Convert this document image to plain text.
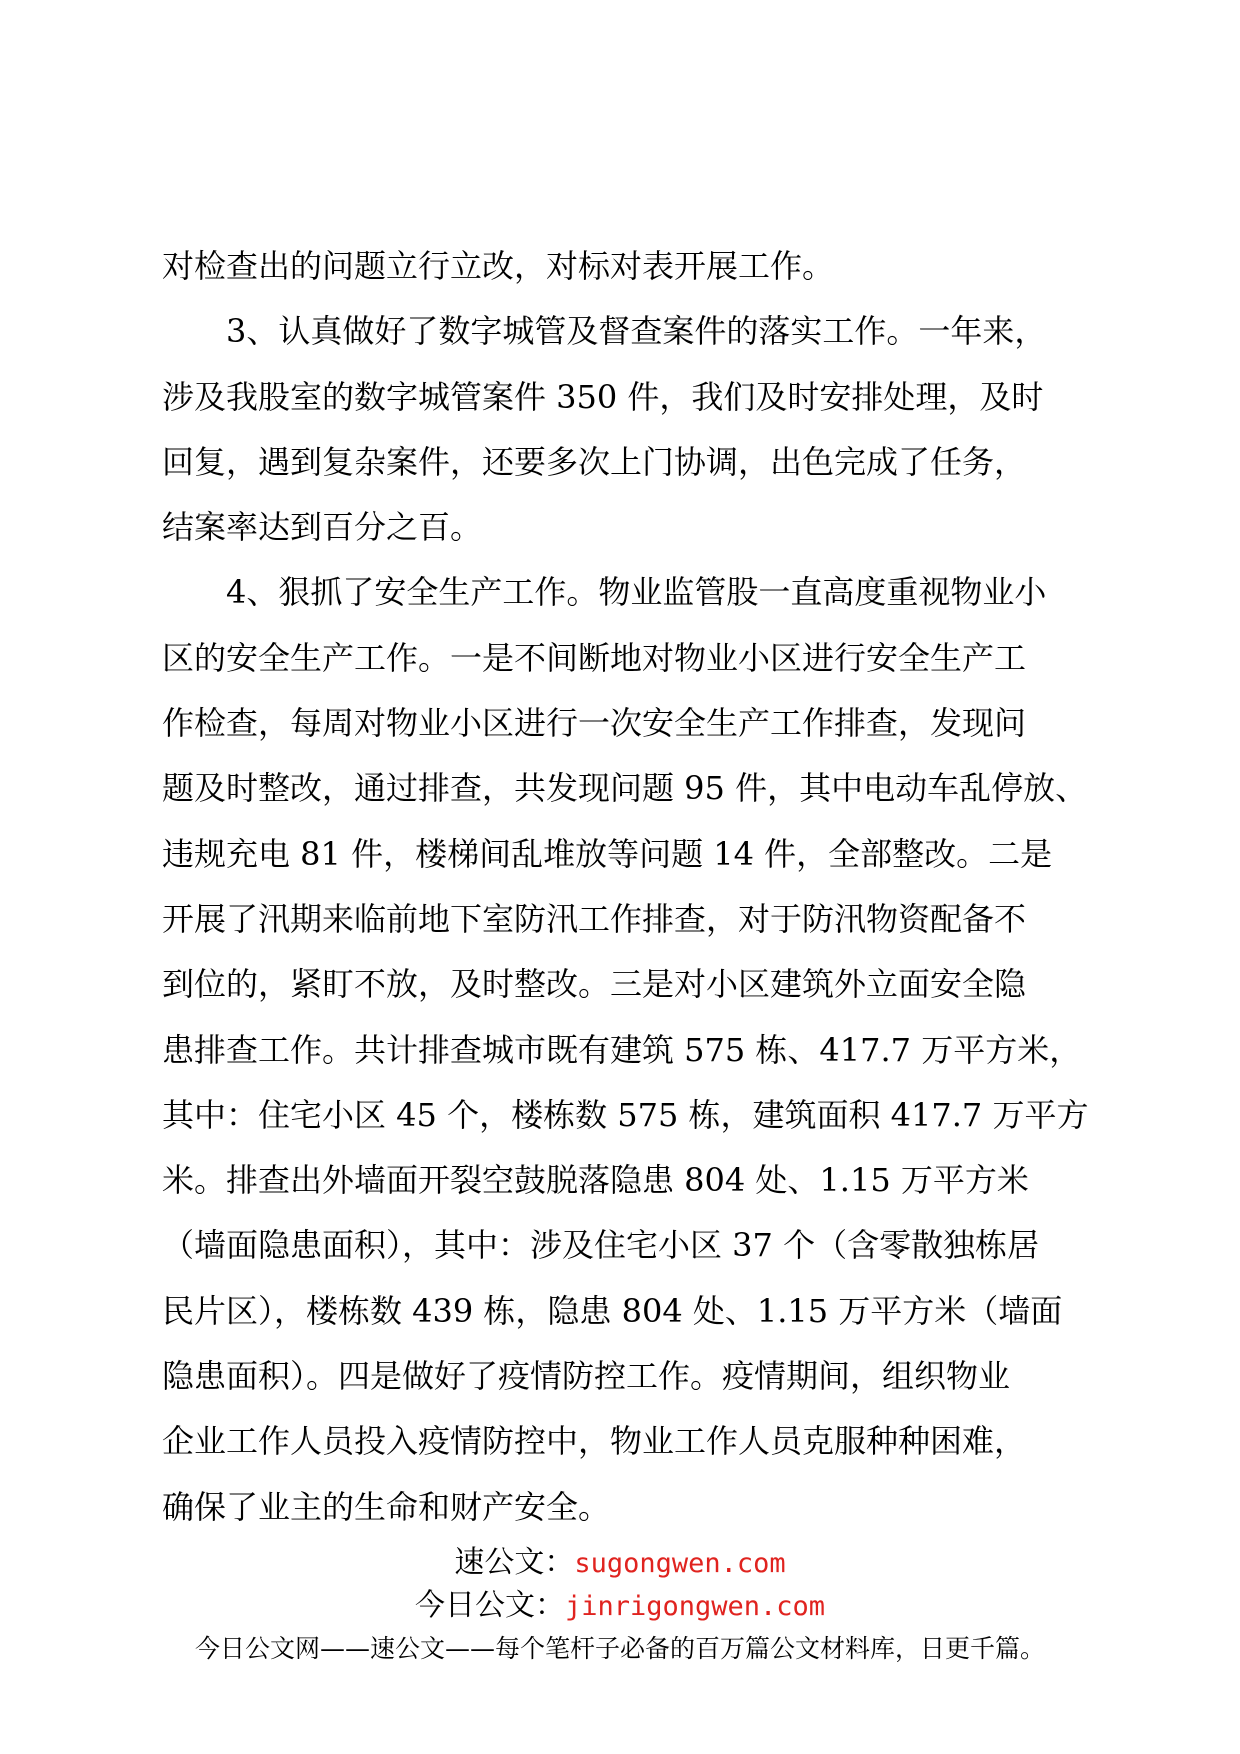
对检查出的问题立行立改，对标对表开展工作。
3、认真做好了数字城管及督查案件的落实工作。一年来，
涉及我股室的数字城管案件 350 件，我们及时安排处理，及时
回复，遇到复杂案件，还要多次上门协调，出色完成了任务，
结案率达到百分之百。
4、狠抓了安全生产工作。物业监管股一直高度重视物业小
区的安全生产工作。一是不间断地对物业小区进行安全生产工
作检查，每周对物业小区进行一次安全生产工作排查，发现问
题及时整改，通过排查，共发现问题 95 件，其中电动车乱停放、
违规充电 81 件，楼梯间乱堆放等问题 14 件，全部整改。二是
开展了汛期来临前地下室防汛工作排查，对于防汛物资配备不
到位的，紧盯不放，及时整改。三是对小区建筑外立面安全隐
患排查工作。共计排查城市既有建筑 575 栋、417.7 万平方米，
其中：住宅小区 45 个，楼栋数 575 栋，建筑面积 417.7 万平方
米。排查出外墙面开裂空鼓脱落隐患 804 处、1.15 万平方米
（墙面隐患面积），其中：涉及住宅小区 37 个（含零散独栋居
民片区），楼栋数 439 栋，隐患 804 处、1.15 万平方米（墙面
隐患面积）。四是做好了疫情防控工作。疫情期间，组织物业
企业工作人员投入疫情防控中，物业工作人员克服种种困难，
确保了业主的生命和财产安全。
速公文：sugongwen.com
今日公文：jinrigongwen.com
今日公文网——速公文——每个笔杆子必备的百万篇公文材料库，日更千篇。
